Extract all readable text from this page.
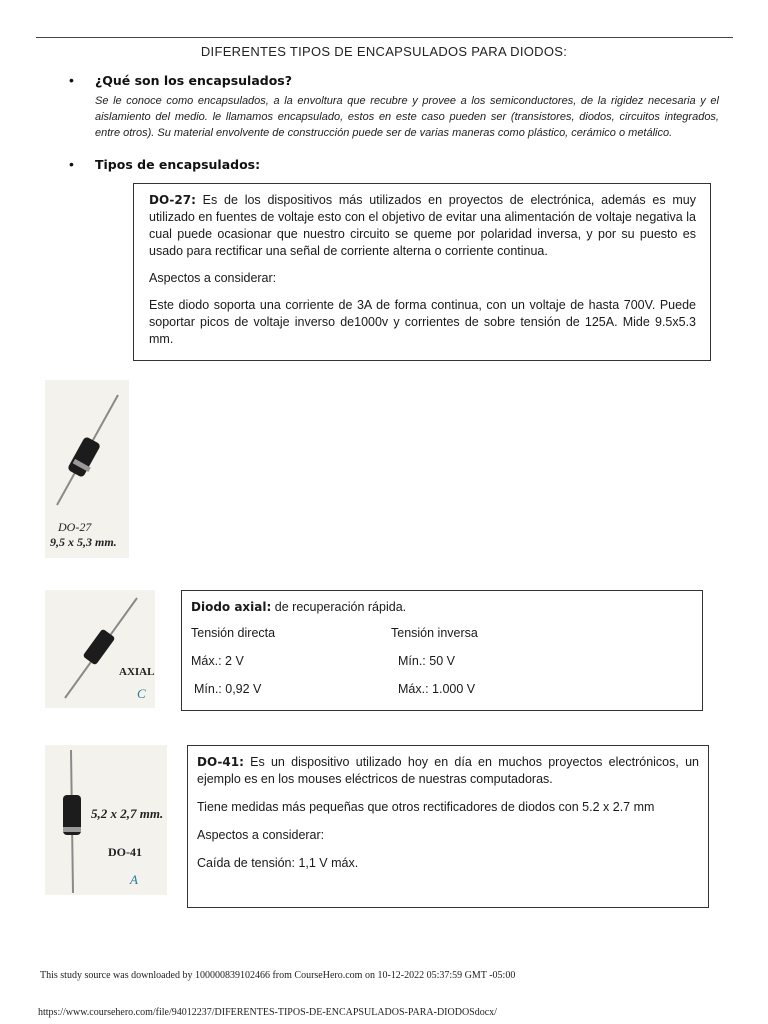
DIFERENTES TIPOS DE ENCAPSULADOS PARA DIODOS:
• ¿Qué son los encapsulados?
Se le conoce como encapsulados, a la envoltura que recubre y provee a los semiconductores, de la rigidez necesaria y el aislamiento del medio. le llamamos encapsulado, estos en este caso pueden ser (transistores, diodos, circuitos integrados, entre otros). Su material envolvente de construcción puede ser de varias maneras como plástico, cerámico o metálico.
• Tipos de encapsulados:

DO-27: Es de los dispositivos más utilizados en proyectos de electrónica, además es muy utilizado en fuentes de voltaje esto con el objetivo de evitar una alimentación de voltaje negativa la cual puede ocasionar que nuestro circuito se queme por polaridad inversa, y por su puesto es usado para rectificar una señal de corriente alterna o corriente continua.

Aspectos a considerar:

Este diodo soporta una corriente de 3A de forma continua, con un voltaje de hasta 700V. Puede soportar picos de voltaje inverso de1000v y corrientes de sobre tensión de 125A. Mide 9.5x5.3 mm.

DO-27
9,5 x 5,3 mm.
AXIAL
C

Diodo axial: de recuperación rápida.

Tensión directa	Tensión inversa
Máx.: 2 V	Mín.: 50 V
Mín.: 0,92 V	Máx.: 1.000 V
5,2 x 2,7 mm.
DO-41
A

DO-41: Es un dispositivo utilizado hoy en día en muchos proyectos electrónicos, un ejemplo es en los mouses eléctricos de nuestras computadoras.

Tiene medidas más pequeñas que otros rectificadores de diodos con 5.2 x 2.7 mm

Aspectos a considerar:

Caída de tensión: 1,1 V máx.

This study source was downloaded by 100000839102466 from CourseHero.com on 10-12-2022 05:37:59 GMT -05:00
https://www.coursehero.com/file/94012237/DIFERENTES-TIPOS-DE-ENCAPSULADOS-PARA-DIODOSdocx/
